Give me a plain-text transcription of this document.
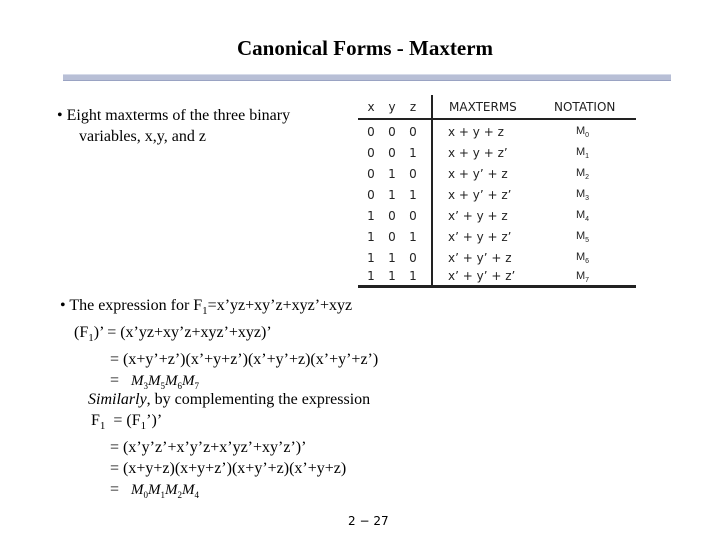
Canonical Forms - Maxterm
• Eight maxterms of the three binary
variables, x,y, and z
x y	z	MAXTERMS	NOTATION
0 0 0	x + y + z	$M_0$
0 0 1	x + y + z’	$M_1$
0 1 0	x + y’ + z	$M_2$
0 1 1	x + y’ + z’	$M_3$
1 0 0	x’ + y + z	$M_4$
1 0 1	x’ + y + z’	$M_5$
1 1 0	x’ + y’ + z	$M_6$
1 1 1	x’ + y’ + z’	$M_7$
• The expression for $F_1=x’yz+xy’z+xyz’+xyz$
$(F_1)$’ = (x’yz+xy’z+xyz’+xyz)’
= (x+y’+z’)(x’+y+z’)(x’+y’+z)(x’+y’+z’)
= $M_3M_5M_6M_7$
Similarly, by complementing the expression
$F_1$  = $(F_1’)$’
= (x’y’z’+x’y’z+x’yz’+xy’z’)’
= (x+y+z)(x+y+z’)(x+y’+z)(x’+y+z)
= $M_0M_1M_2M_4$
2 − 27
